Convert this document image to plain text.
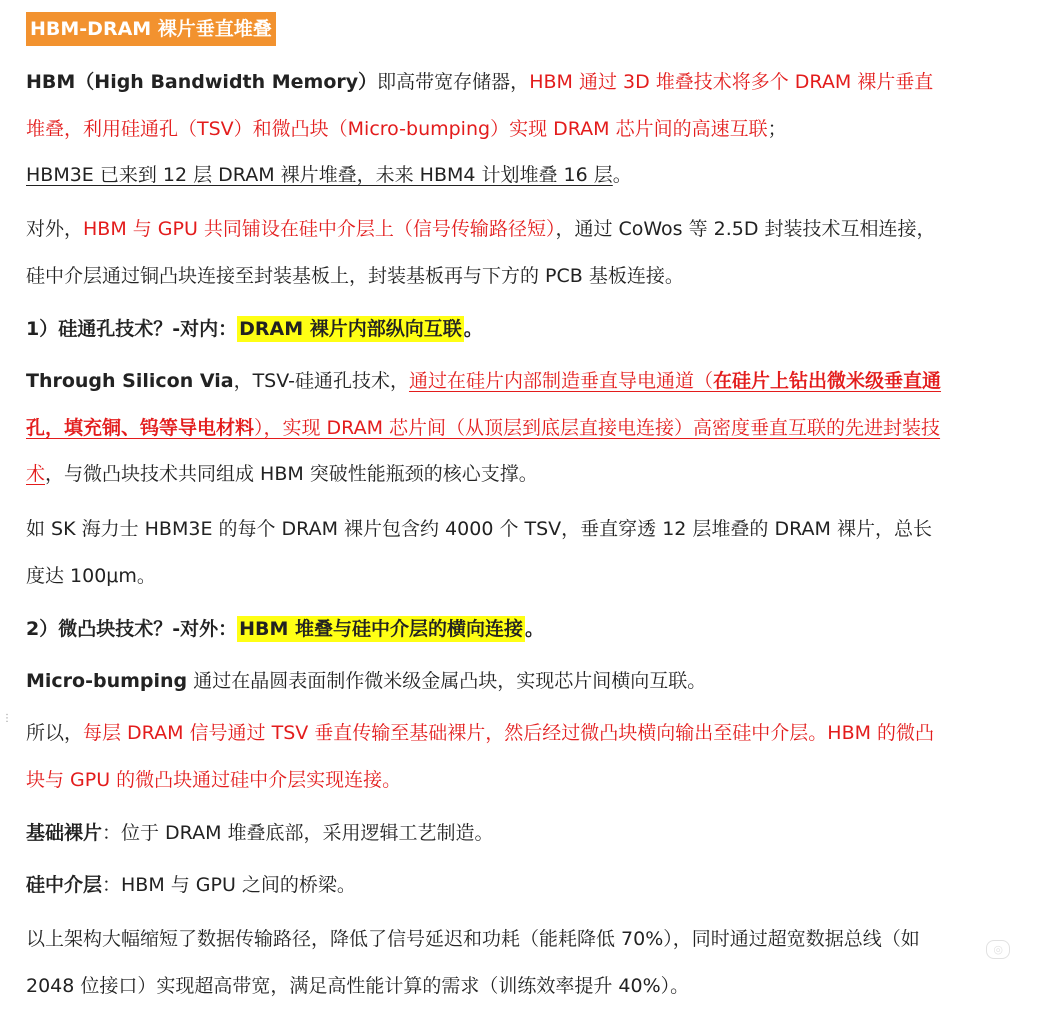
HBM-DRAM 裸片垂直堆叠

HBM（High Bandwidth Memory）即高带宽存储器，HBM 通过 3D 堆叠技术将多个 DRAM 裸片垂直堆叠，利用硅通孔（TSV）和微凸块（Micro-bumping）实现 DRAM 芯片间的高速互联；
HBM3E 已来到 12 层 DRAM 裸片堆叠，未来 HBM4 计划堆叠 16 层。

对外，HBM 与 GPU 共同铺设在硅中介层上（信号传输路径短），通过 CoWos 等 2.5D 封装技术互相连接，硅中介层通过铜凸块连接至封装基板上，封装基板再与下方的 PCB 基板连接。

1）硅通孔技术？-对内： DRAM 裸片内部纵向互联 。

Through Silicon Via，TSV-硅通孔技术，通过在硅片内部制造垂直导电通道（在硅片上钻出微米级垂直通孔，填充铜、钨等导电材料），实现 DRAM 芯片间（从顶层到底层直接电连接）高密度垂直互联的先进封装技术，与微凸块技术共同组成 HBM 突破性能瓶颈的核心支撑。

如 SK 海力士 HBM3E 的每个 DRAM 裸片包含约 4000 个 TSV，垂直穿透 12 层堆叠的 DRAM 裸片，总长度达 100μm。

2）微凸块技术？-对外： HBM 堆叠与硅中介层的横向连接 。

Micro-bumping 通过在晶圆表面制作微米级金属凸块，实现芯片间横向互联。

所以，每层 DRAM 信号通过 TSV 垂直传输至基础裸片，然后经过微凸块横向输出至硅中介层。HBM 的微凸块与 GPU 的微凸块通过硅中介层实现连接。

基础裸片：位于 DRAM 堆叠底部，采用逻辑工艺制造。

硅中介层：HBM 与 GPU 之间的桥梁。

以上架构大幅缩短了数据传输路径，降低了信号延迟和功耗（能耗降低 70%），同时通过超宽数据总线（如 2048 位接口）实现超高带宽，满足高性能计算的需求（训练效率提升 40%）。

⋮
◎
